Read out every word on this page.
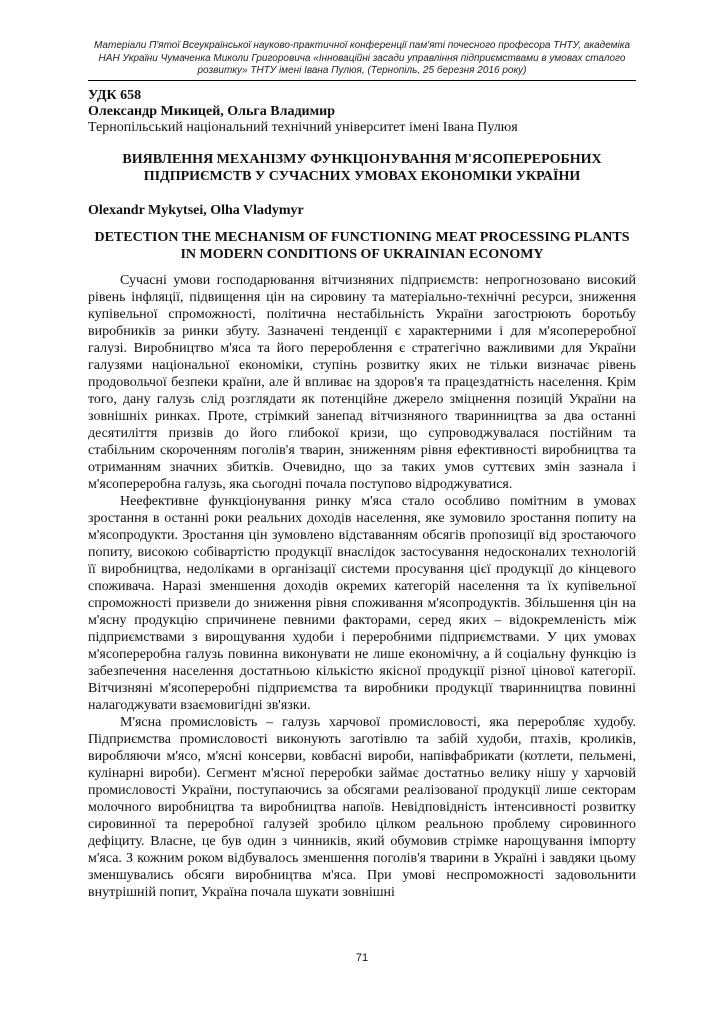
Матеріали П'ятої Всеукраїнської науково-практичної конференції пам'яті почесного професора ТНТУ, академіка НАН України Чумаченка Миколи Григоровича «Інноваційні засади управління підприємствами в умовах сталого розвитку» ТНТУ імені Івана Пулюя, (Тернопіль, 25 березня 2016 року)
УДК 658
Олександр Микицей, Ольга Владимир
Тернопільський національний технічний університет імені Івана Пулюя
ВИЯВЛЕННЯ МЕХАНІЗМУ ФУНКЦІОНУВАННЯ М'ЯСОПЕРЕРОБНИХ ПІДПРИЄМСТВ У СУЧАСНИХ УМОВАХ ЕКОНОМІКИ УКРАЇНИ
Olexandr Mykytsei, Olha Vladymyr
DETECTION THE MECHANISM OF FUNCTIONING MEAT PROCESSING PLANTS IN MODERN CONDITIONS OF UKRAINIAN ECONOMY

Сучасні умови господарювання вітчизняних підприємств: непрогнозовано високий рівень інфляції, підвищення цін на сировину та матеріально-технічні ресурси, зниження купівельної спроможності, політична нестабільність України загострюють боротьбу виробників за ринки збуту. Зазначені тенденції є характерними і для м'ясопереробної галузі. Виробництво м'яса та його перероблення є стратегічно важливими для України галузями національної економіки, ступінь розвитку яких не тільки визначає рівень продовольчої безпеки країни, але й впливає на здоров'я та працездатність населення. Крім того, дану галузь слід розглядати як потенційне джерело зміцнення позицій України на зовнішніх ринках. Проте, стрімкий занепад вітчизняного тваринництва за два останні десятиліття призвів до його глибокої кризи, що супроводжувалася постійним та стабільним скороченням поголів'я тварин, зниженням рівня ефективності виробництва та отриманням значних збитків. Очевидно, що за таких умов суттєвих змін зазнала і м'ясопереробна галузь, яка сьогодні почала поступово відроджуватися.

Неефективне функціонування ринку м'яса стало особливо помітним в умовах зростання в останні роки реальних доходів населення, яке зумовило зростання попиту на м'ясопродукти. Зростання цін зумовлено відставанням обсягів пропозиції від зростаючого попиту, високою собівартістю продукції внаслідок застосування недосконалих технологій її виробництва, недоліками в організації системи просування цієї продукції до кінцевого споживача. Наразі зменшення доходів окремих категорій населення та їх купівельної спроможності призвели до зниження рівня споживання м'ясопродуктів. Збільшення цін на м'ясну продукцію спричинене певними факторами, серед яких – відокремленість між підприємствами з вирощування худоби і переробними підприємствами. У цих умовах м'ясопереробна галузь повинна виконувати не лише економічну, а й соціальну функцію із забезпечення населення достатньою кількістю якісної продукції різної цінової категорії. Вітчизняні м'ясопереробні підприємства та виробники продукції тваринництва повинні налагоджувати взаємовигідні зв'язки.

М'ясна промисловість – галузь харчової промисловості, яка переробляє худобу. Підприємства промисловості виконують заготівлю та забій худоби, птахів, кроликів, виробляючи м'ясо, м'ясні консерви, ковбасні вироби, напівфабрикати (котлети, пельмені, кулінарні вироби). Сегмент м'ясної переробки займає достатньо велику нішу у харчовій промисловості України, поступаючись за обсягами реалізованої продукції лише секторам молочного виробництва та виробництва напоїв. Невідповідність інтенсивності розвитку сировинної та переробної галузей зробило цілком реальною проблему сировинного дефіциту. Власне, це був один з чинників, який обумовив стрімке нарощування імпорту м'яса. З кожним роком відбувалось зменшення поголів'я тварини в Україні і завдяки цьому зменшувались обсяги виробництва м'яса. При умові неспроможності задовольнити внутрішній попит, Україна почала шукати зовнішні

71
